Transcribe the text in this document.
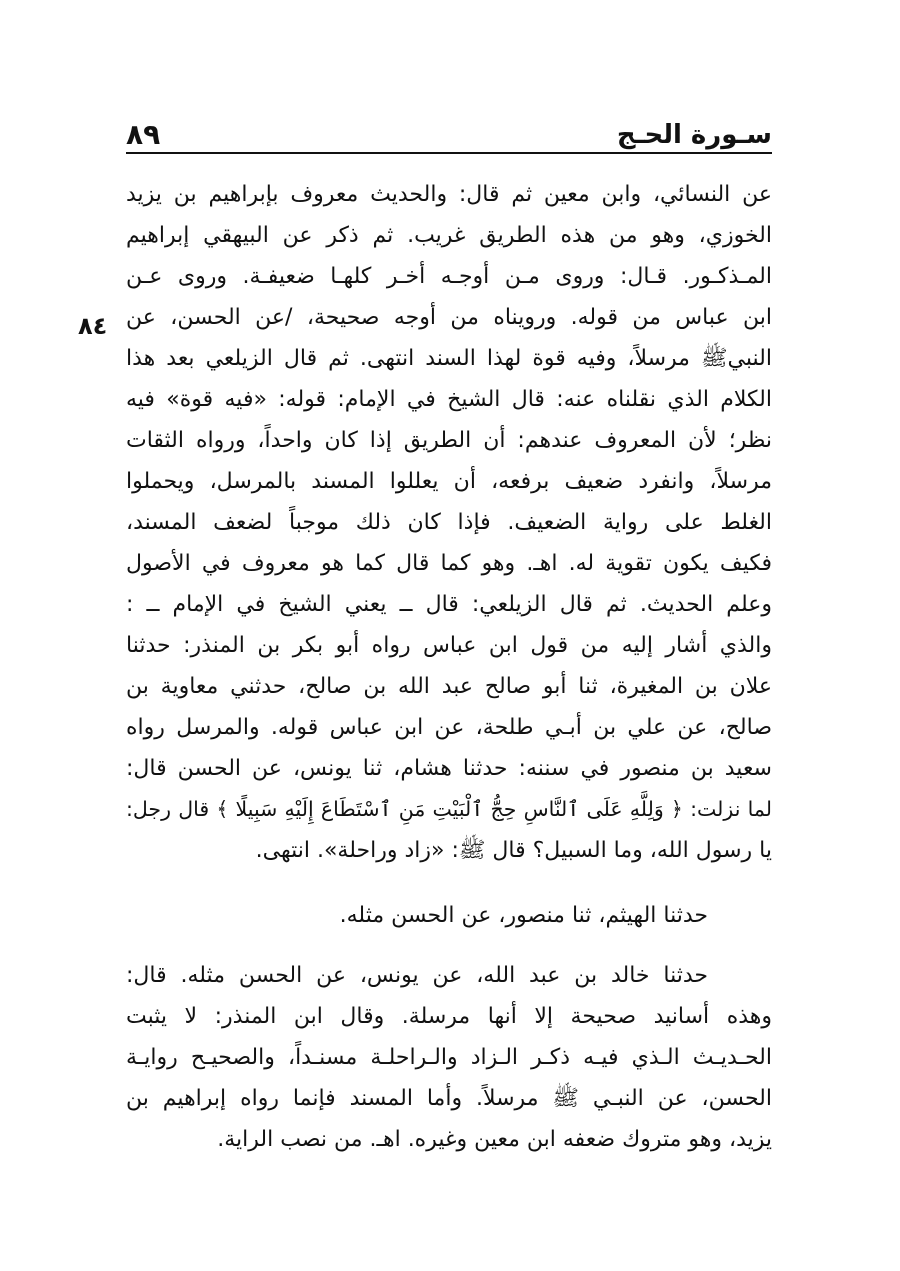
سـورة الحـج
٨٩
٨٤
عن النسائي، وابن معين ثم قال: والحديث معروف بإبراهيم بن يزيد
الخوزي، وهو من هذه الطريق غريب. ثم ذكر عن البيهقي إبراهيم
المـذكـور. قـال: وروى مـن أوجـه أخـر كلهـا ضعيفـة. وروى عـن
ابن عباس من قوله. ورويناه من أوجه صحيحة، /عن الحسن، عن
النبيﷺ مرسلاً، وفيه قوة لهذا السند انتهى. ثم قال الزيلعي بعد هذا
الكلام الذي نقلناه عنه: قال الشيخ في الإمام: قوله: «فيه قوة» فيه
نظر؛ لأن المعروف عندهم: أن الطريق إذا كان واحداً، ورواه الثقات
مرسلاً، وانفرد ضعيف برفعه، أن يعللوا المسند بالمرسل، ويحملوا
الغلط على رواية الضعيف. فإذا كان ذلك موجباً لضعف المسند،
فكيف يكون تقوية له. اهـ. وهو كما قال كما هو معروف في الأصول
وعلم الحديث. ثم قال الزيلعي: قال ــ يعني الشيخ في الإمام ــ :
والذي أشار إليه من قول ابن عباس رواه أبو بكر بن المنذر: حدثنا
علان بن المغيرة، ثنا أبو صالح عبد الله بن صالح، حدثني معاوية بن
صالح، عن علي بن أبـي طلحة، عن ابن عباس قوله. والمرسل رواه
سعيد بن منصور في سننه: حدثنا هشام، ثنا يونس، عن الحسن قال:
لما نزلت: ﴿ وَلِلَّهِ عَلَى ٱلنَّاسِ حِجُّ ٱلْبَيْتِ مَنِ ٱسْتَطَاعَ إِلَيْهِ سَبِيلًا ﴾ قال رجل:
يا رسول الله، وما السبيل؟ قال ﷺ: «زاد وراحلة». انتهى.
حدثنا الهيثم، ثنا منصور، عن الحسن مثله.
حدثنا خالد بن عبد الله، عن يونس، عن الحسن مثله. قال:
وهذه أسانيد صحيحة إلا أنها مرسلة. وقال ابن المنذر: لا يثبت
الحـديـث الـذي فيـه ذكـر الـزاد والـراحلـة مسنـداً، والصحيـح روايـة
الحسن، عن النبـي ﷺ مرسلاً. وأما المسند فإنما رواه إبراهيم بن
يزيد، وهو متروك ضعفه ابن معين وغيره. اهـ. من نصب الراية.
